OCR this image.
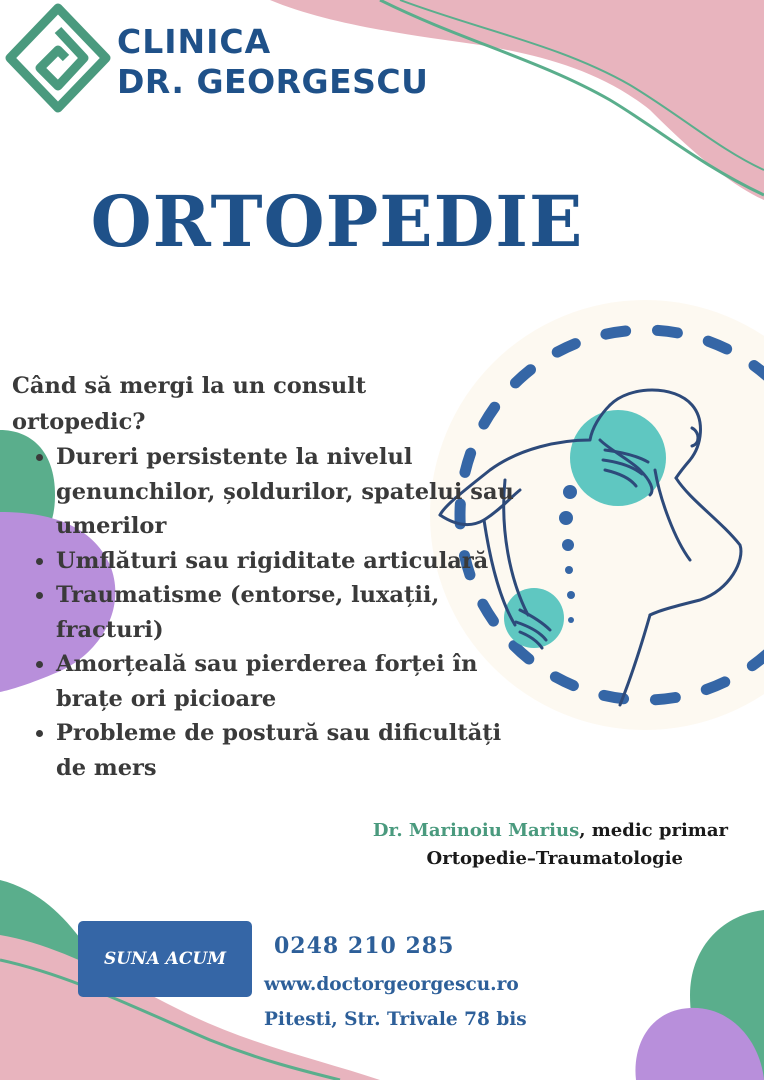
CLINICA
DR. GEORGESCU
ORTOPEDIE
Când să mergi la un consult ortopedic?
• Dureri persistente la nivelul genunchilor, șoldurilor, spatelui sau umerilor
• Umflături sau rigiditate articulară
• Traumatisme (entorse, luxații, fracturi)
• Amorțeală sau pierderea forței în brațe ori picioare
• Probleme de postură sau dificultăți de mers
Dr. Marinoiu Marius, medic primar
Ortopedie–Traumatologie
SUNA ACUM	0248 210 285
www.doctorgeorgescu.ro
Pitesti, Str. Trivale 78 bis
